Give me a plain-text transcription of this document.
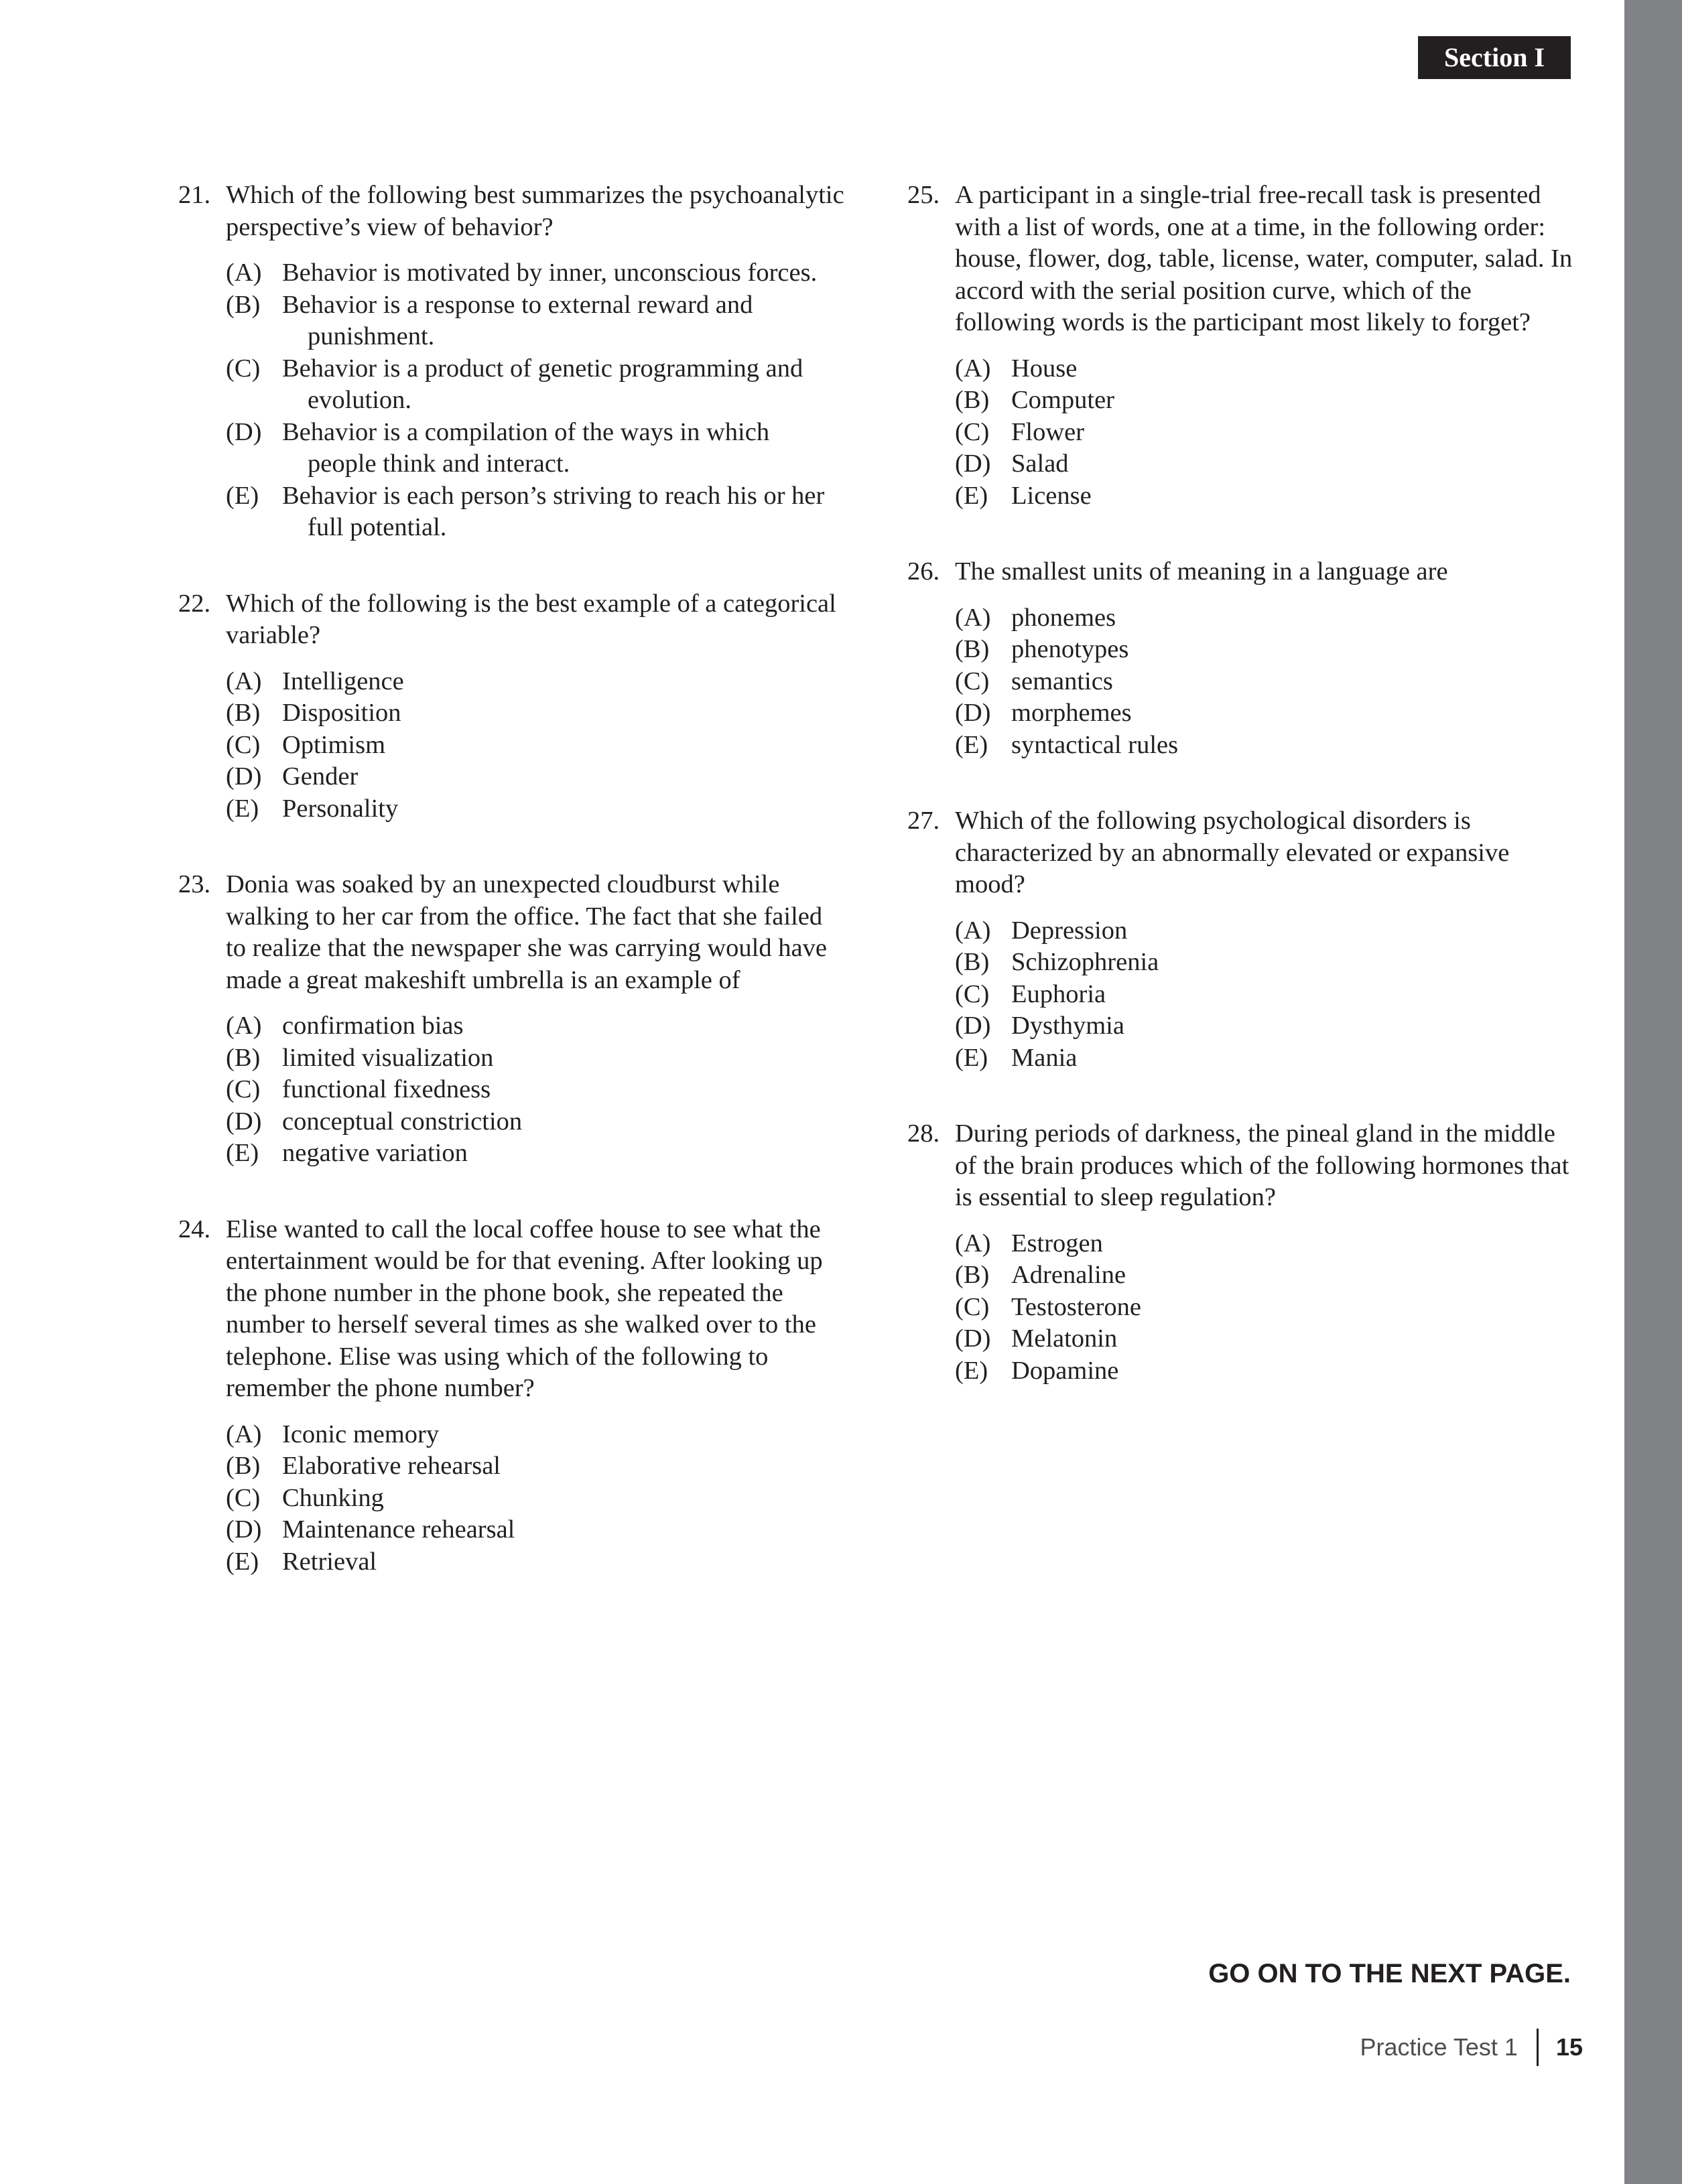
Section I
21. Which of the following best summarizes the psychoanalytic perspective’s view of behavior?
(A) Behavior is motivated by inner, unconscious forces.
(B) Behavior is a response to external reward and punishment.
(C) Behavior is a product of genetic programming and evolution.
(D) Behavior is a compilation of the ways in which people think and interact.
(E) Behavior is each person’s striving to reach his or her full potential.
22. Which of the following is the best example of a categorical variable?
(A) Intelligence
(B) Disposition
(C) Optimism
(D) Gender
(E) Personality
23. Donia was soaked by an unexpected cloudburst while walking to her car from the office. The fact that she failed to realize that the newspaper she was carrying would have made a great makeshift umbrella is an example of
(A) confirmation bias
(B) limited visualization
(C) functional fixedness
(D) conceptual constriction
(E) negative variation
24. Elise wanted to call the local coffee house to see what the entertainment would be for that evening. After looking up the phone number in the phone book, she repeated the number to herself several times as she walked over to the telephone. Elise was using which of the following to remember the phone number?
(A) Iconic memory
(B) Elaborative rehearsal
(C) Chunking
(D) Maintenance rehearsal
(E) Retrieval
25. A participant in a single-trial free-recall task is presented with a list of words, one at a time, in the following order: house, flower, dog, table, license, water, computer, salad. In accord with the serial position curve, which of the following words is the participant most likely to forget?
(A) House
(B) Computer
(C) Flower
(D) Salad
(E) License
26. The smallest units of meaning in a language are
(A) phonemes
(B) phenotypes
(C) semantics
(D) morphemes
(E) syntactical rules
27. Which of the following psychological disorders is characterized by an abnormally elevated or expansive mood?
(A) Depression
(B) Schizophrenia
(C) Euphoria
(D) Dysthymia
(E) Mania
28. During periods of darkness, the pineal gland in the middle of the brain produces which of the following hormones that is essential to sleep regulation?
(A) Estrogen
(B) Adrenaline
(C) Testosterone
(D) Melatonin
(E) Dopamine
GO ON TO THE NEXT PAGE.
Practice Test 1 15
